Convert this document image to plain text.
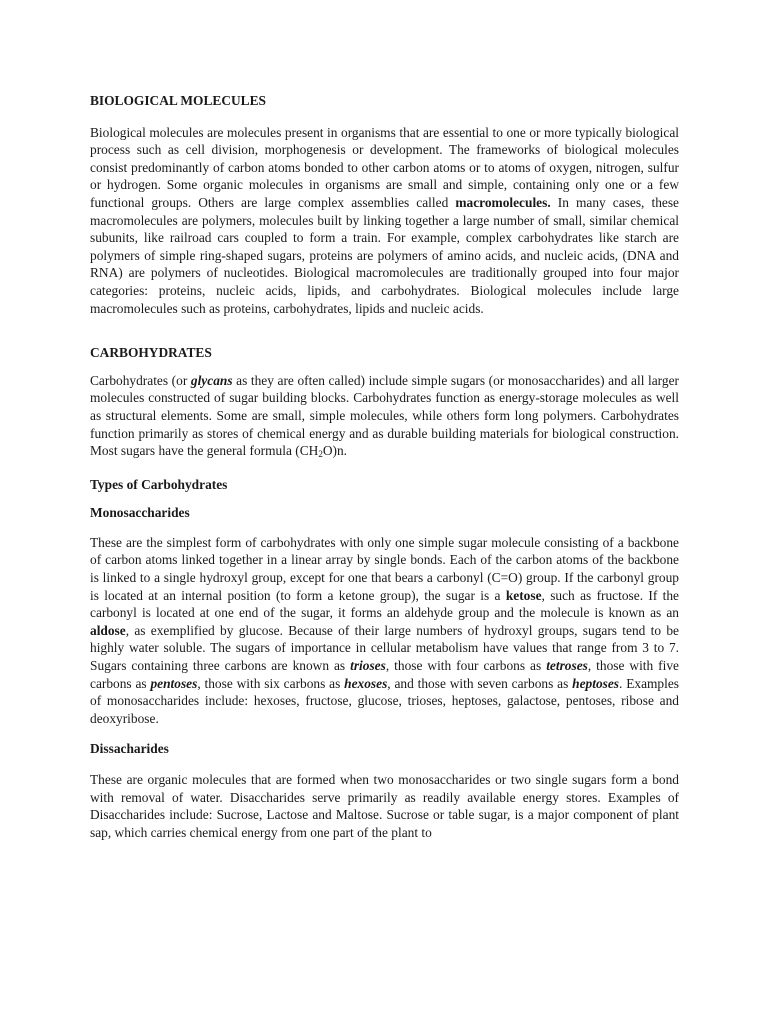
BIOLOGICAL MOLECULES

Biological molecules are molecules present in organisms that are essential to one or more typically biological process such as cell division, morphogenesis or development. The frameworks of biological molecules consist predominantly of carbon atoms bonded to other carbon atoms or to atoms of oxygen, nitrogen, sulfur or hydrogen. Some organic molecules in organisms are small and simple, containing only one or a few functional groups. Others are large complex assemblies called macromolecules. In many cases, these macromolecules are polymers, molecules built by linking together a large number of small, similar chemical subunits, like railroad cars coupled to form a train. For example, complex carbohydrates like starch are polymers of simple ring-shaped sugars, proteins are polymers of amino acids, and nucleic acids, (DNA and RNA) are polymers of nucleotides. Biological macromolecules are traditionally grouped into four major categories: proteins, nucleic acids, lipids, and carbohydrates. Biological molecules include large macromolecules such as proteins, carbohydrates, lipids and nucleic acids.

CARBOHYDRATES

Carbohydrates (or glycans as they are often called) include simple sugars (or monosaccharides) and all larger molecules constructed of sugar building blocks. Carbohydrates function as energy-storage molecules as well as structural elements. Some are small, simple molecules, while others form long polymers. Carbohydrates function primarily as stores of chemical energy and as durable building materials for biological construction. Most sugars have the general formula $(CH_2O)n$.

Types of Carbohydrates

Monosaccharides

These are the simplest form of carbohydrates with only one simple sugar molecule consisting of a backbone of carbon atoms linked together in a linear array by single bonds. Each of the carbon atoms of the backbone is linked to a single hydroxyl group, except for one that bears a carbonyl (C=O) group. If the carbonyl group is located at an internal position (to form a ketone group), the sugar is a ketose, such as fructose. If the carbonyl is located at one end of the sugar, it forms an aldehyde group and the molecule is known as an aldose, as exemplified by glucose. Because of their large numbers of hydroxyl groups, sugars tend to be highly water soluble. The sugars of importance in cellular metabolism have values that range from 3 to 7. Sugars containing three carbons are known as trioses, those with four carbons as tetroses, those with five carbons as pentoses, those with six carbons as hexoses, and those with seven carbons as heptoses. Examples of monosaccharides include: hexoses, fructose, glucose, trioses, heptoses, galactose, pentoses, ribose and deoxyribose.

Dissacharides

These are organic molecules that are formed when two monosaccharides or two single sugars form a bond with removal of water. Disaccharides serve primarily as readily available energy stores. Examples of Disaccharides include: Sucrose, Lactose and Maltose. Sucrose or table sugar, is a major component of plant sap, which carries chemical energy from one part of the plant to
